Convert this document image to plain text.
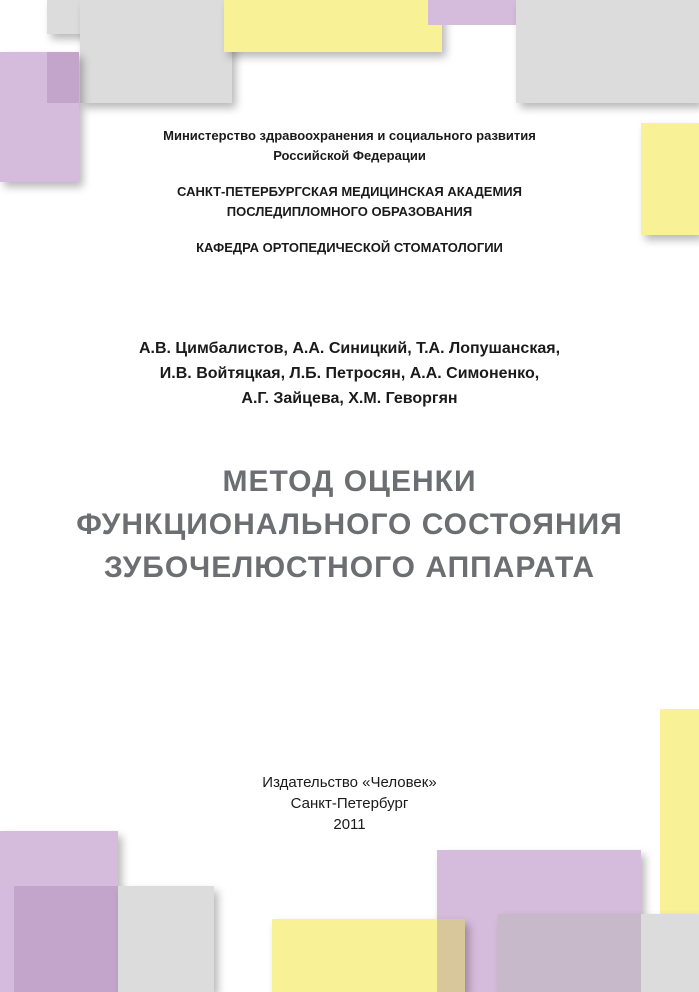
Министерство здравоохранения и социального развития
Российской Федерации
САНКТ-ПЕТЕРБУРГСКАЯ МЕДИЦИНСКАЯ АКАДЕМИЯ
ПОСЛЕДИПЛОМНОГО ОБРАЗОВАНИЯ
КАФЕДРА ОРТОПЕДИЧЕСКОЙ СТОМАТОЛОГИИ
А.В. Цимбалистов, А.А. Синицкий, Т.А. Лопушанская,
И.В. Войтяцкая, Л.Б. Петросян, А.А. Симоненко,
А.Г. Зайцева, Х.М. Геворгян
МЕТОД ОЦЕНКИ
ФУНКЦИОНАЛЬНОГО СОСТОЯНИЯ
ЗУБОЧЕЛЮСТНОГО АППАРАТА
Издательство «Человек»
Санкт-Петербург
2011
